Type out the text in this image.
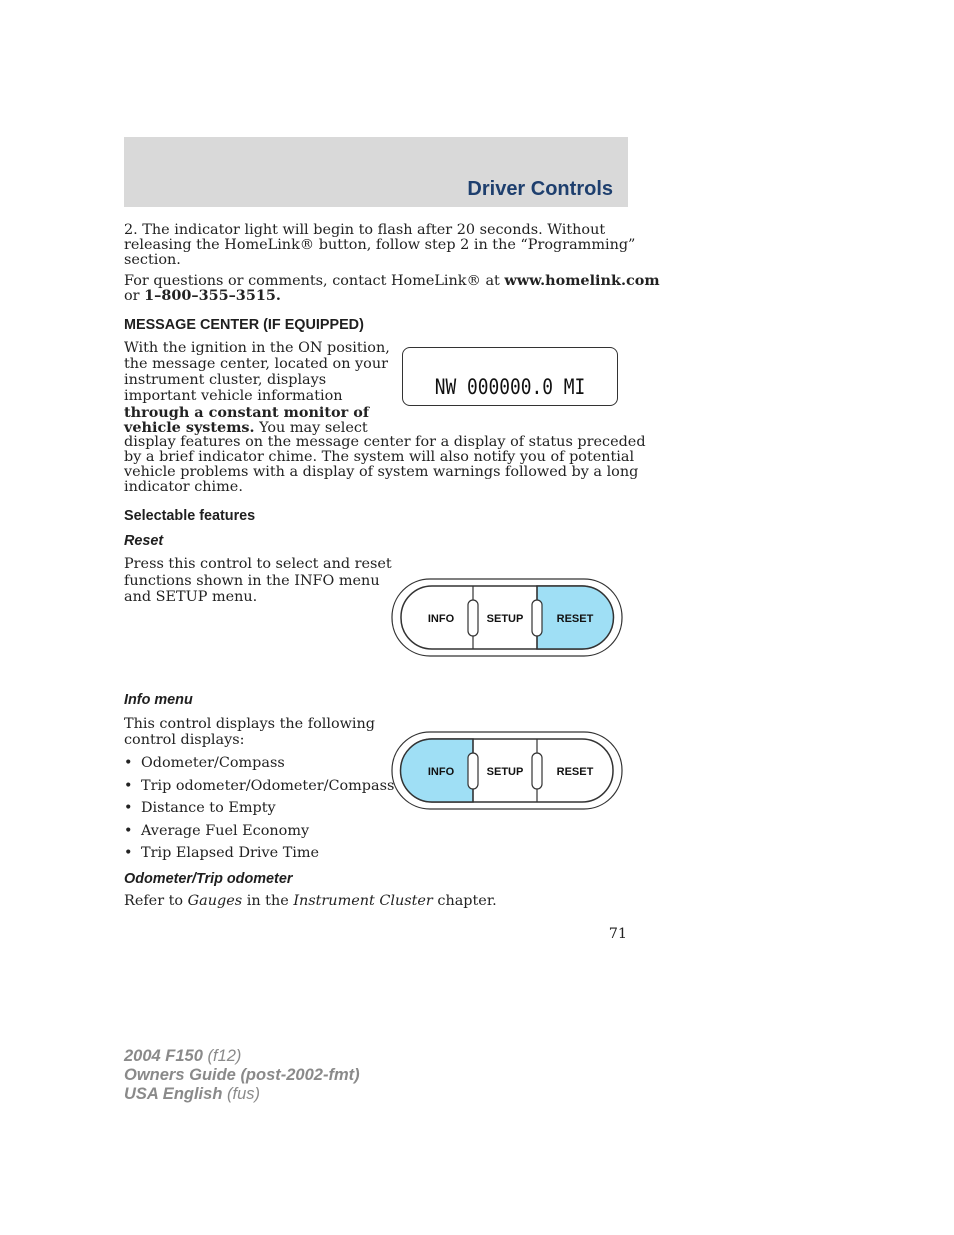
Driver Controls

2. The indicator light will begin to flash after 20 seconds. Without

releasing the HomeLink® button, follow step 2 in the “Programming”

section.

For questions or comments, contact HomeLink® at www.homelink.com

or 1–800–355–3515.

MESSAGE CENTER (IF EQUIPPED)

With the ignition in the ON position,

the message center, located on your

instrument cluster, displays

important vehicle information

through a constant monitor of

vehicle systems. You may select

display features on the message center for a display of status preceded

by a brief indicator chime. The system will also notify you of potential

vehicle problems with a display of system warnings followed by a long

indicator chime.

NW 000000.0 MI
Selectable features
Reset

Press this control to select and reset

functions shown in the INFO menu

and SETUP menu.

INFO	SETUP	RESET
Info menu

This control displays the following

control displays:

• Odometer/Compass
• Trip odometer/Odometer/Compass
• Distance to Empty
• Average Fuel Economy
• Trip Elapsed Drive Time
INFO	SETUP	RESET
Odometer/Trip odometer

Refer to Gauges in the Instrument Cluster chapter.

71
2004 F150 (f12)
Owners Guide (post-2002-fmt)
USA English (fus)
